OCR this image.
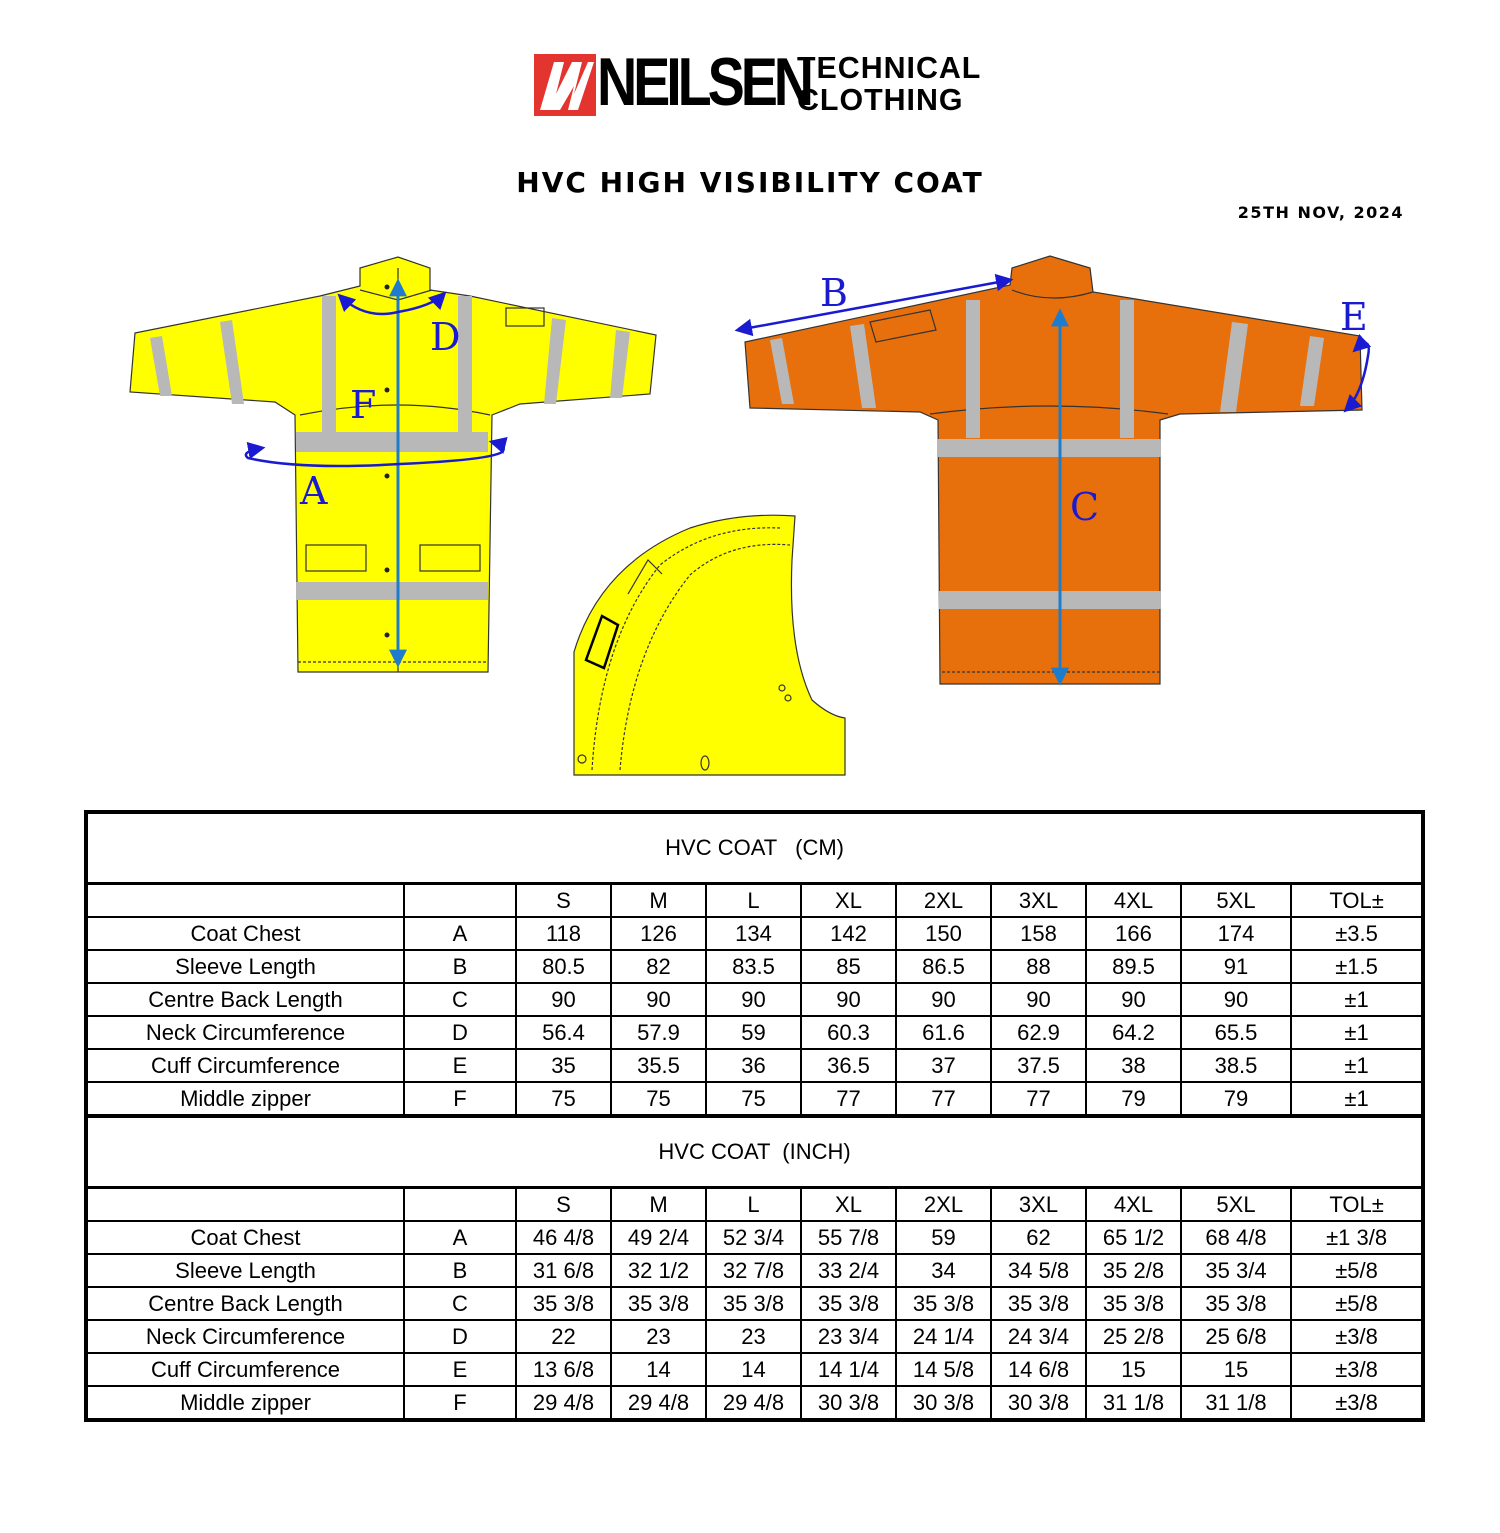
NEILSEN
TECHNICAL
CLOTHING
HVC HIGH VISIBILITY COAT
25TH NOV, 2024
A
D
F
B
C
E
HVC COAT   (CM)										
		S	M	L	XL	2XL	3XL	4XL	5XL	TOL±
Coat Chest	A	118	126	134	142	150	158	166	174	±3.5
Sleeve Length	B	80.5	82	83.5	85	86.5	88	89.5	91	±1.5
Centre Back Length	C	90	90	90	90	90	90	90	90	±1
Neck Circumference	D	56.4	57.9	59	60.3	61.6	62.9	64.2	65.5	±1
Cuff Circumference	E	35	35.5	36	36.5	37	37.5	38	38.5	±1
Middle zipper	F	75	75	75	77	77	77	79	79	±1
HVC COAT  (INCH)										
		S	M	L	XL	2XL	3XL	4XL	5XL	TOL±
Coat Chest	A	46 4/8	49 2/4	52 3/4	55 7/8	59	62	65 1/2	68 4/8	±1 3/8
Sleeve Length	B	31 6/8	32 1/2	32 7/8	33 2/4	34	34 5/8	35 2/8	35 3/4	±5/8
Centre Back Length	C	35 3/8	35 3/8	35 3/8	35 3/8	35 3/8	35 3/8	35 3/8	35 3/8	±5/8
Neck Circumference	D	22	23	23	23 3/4	24 1/4	24 3/4	25 2/8	25 6/8	±3/8
Cuff Circumference	E	13 6/8	14	14	14 1/4	14 5/8	14 6/8	15	15	±3/8
Middle zipper	F	29 4/8	29 4/8	29 4/8	30 3/8	30 3/8	30 3/8	31 1/8	31 1/8	±3/8
